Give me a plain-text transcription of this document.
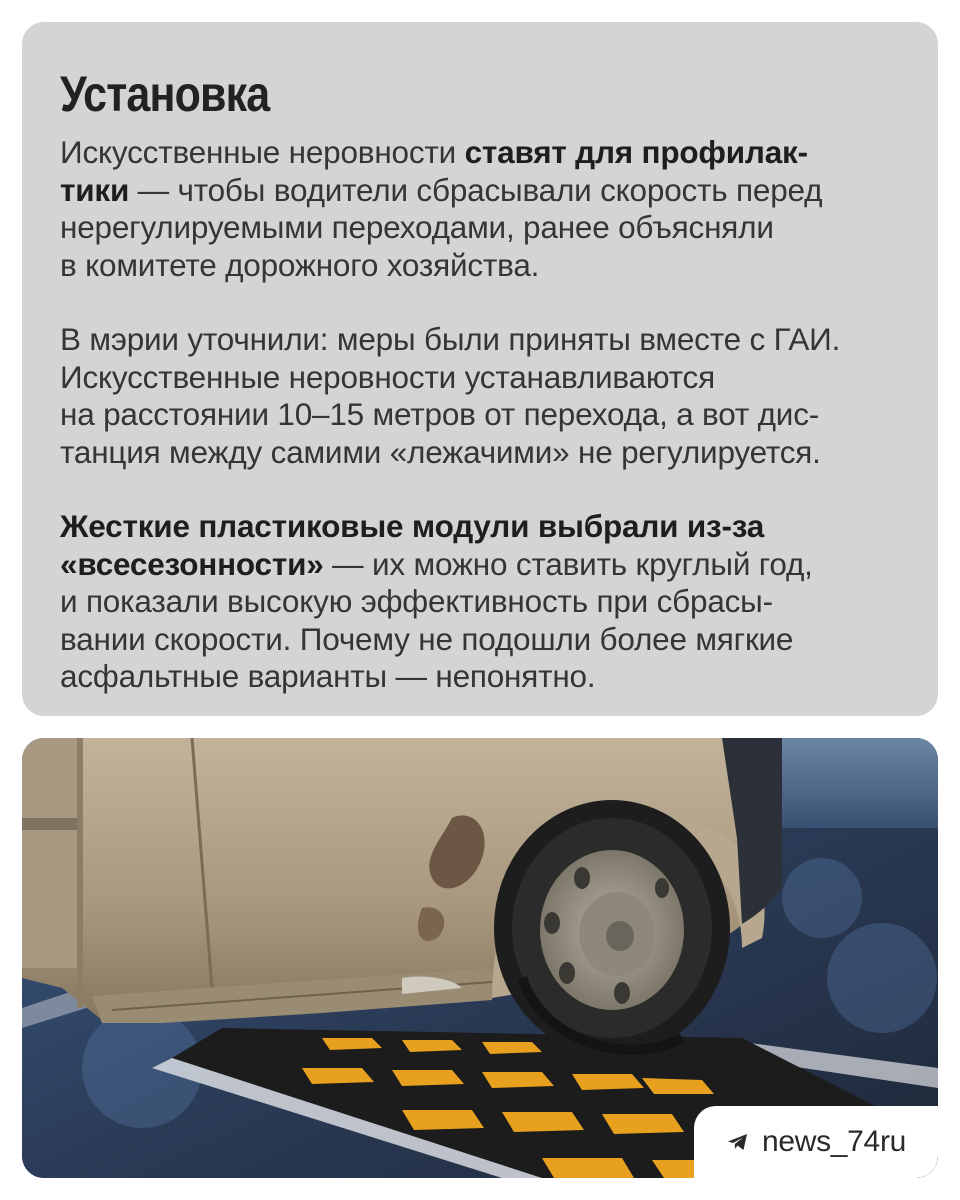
Установка

Искусственные неровности ставят для профилак-
тики — чтобы водители сбрасывали скорость перед
нерегулируемыми переходами, ранее объясняли
в комитете дорожного хозяйства.

В мэрии уточнили: меры были приняты вместе с ГАИ.
Искусственные неровности устанавливаются
на расстоянии 10–15 метров от перехода, а вот дис-
танция между самими «лежачими» не регулируется.

Жесткие пластиковые модули выбрали из-за
«всесезонности» — их можно ставить круглый год,
и показали высокую эффективность при сбрасы-
вании скорости. Почему не подошли более мягкие
асфальтные варианты — непонятно.

news_74ru
